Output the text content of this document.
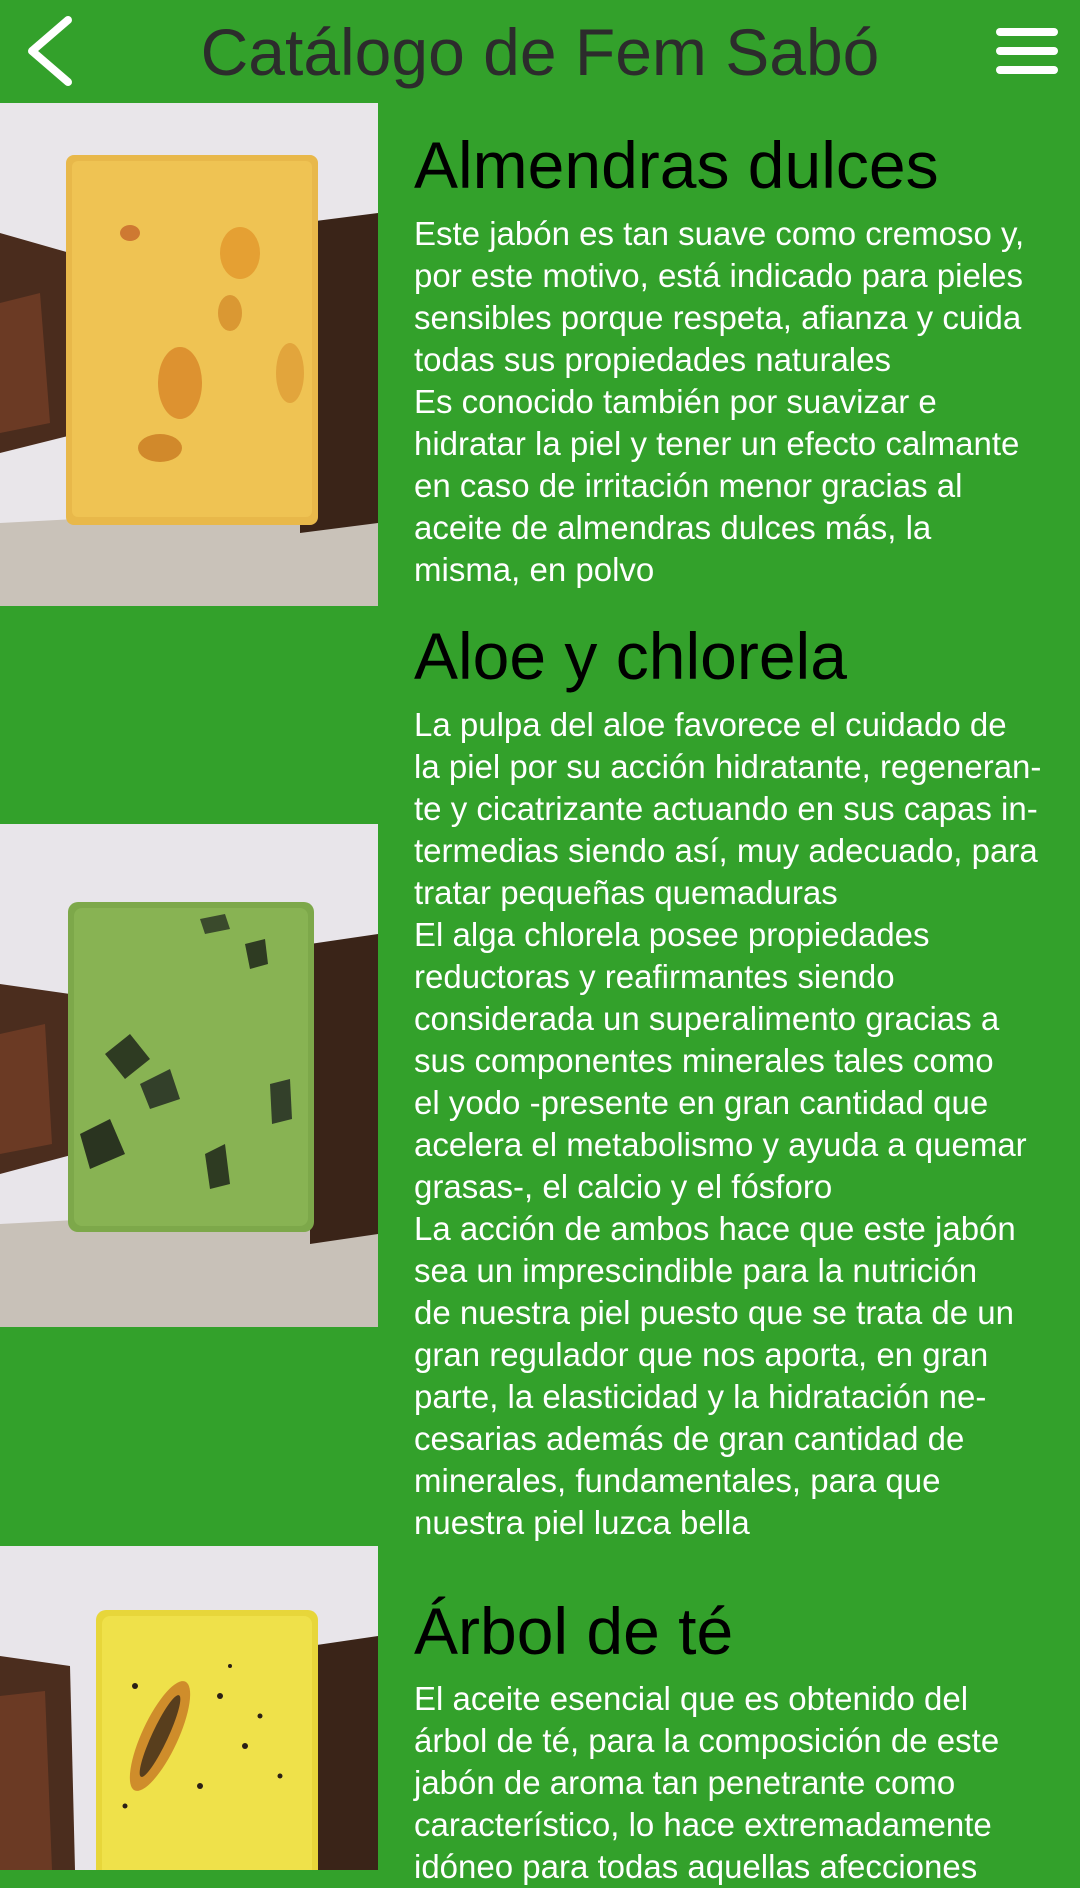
Catálogo de Fem Sabó
Almendras dulces
Este jabón es tan suave como cremoso y,
por este motivo, está indicado para pieles
sensibles porque respeta, afianza y cuida
todas sus propiedades naturales
Es conocido también por suavizar e
hidratar la piel y tener un efecto calmante
en caso de irritación menor gracias al
aceite de almendras dulces más, la
misma, en polvo
Aloe y chlorela
La pulpa del aloe favorece el cuidado de
la piel por su acción hidratante, regeneran-
te y cicatrizante actuando en sus capas in-
termedias siendo así, muy adecuado, para
tratar pequeñas quemaduras
El alga chlorela posee propiedades
reductoras y reafirmantes siendo
considerada un superalimento gracias a
sus componentes minerales tales como
el yodo -presente en gran cantidad que
acelera el metabolismo y ayuda a quemar
grasas-, el calcio y el fósforo
La acción de ambos hace que este jabón
sea un imprescindible para la nutrición
de nuestra piel puesto que se trata de un
gran regulador que nos aporta, en gran
parte, la elasticidad y la hidratación ne-
cesarias además de gran cantidad de
minerales, fundamentales, para que
nuestra piel luzca bella
Árbol de té
El aceite esencial que es obtenido del
árbol de té, para la composición de este
jabón de aroma tan penetrante como
característico, lo hace extremadamente
idóneo para todas aquellas afecciones
